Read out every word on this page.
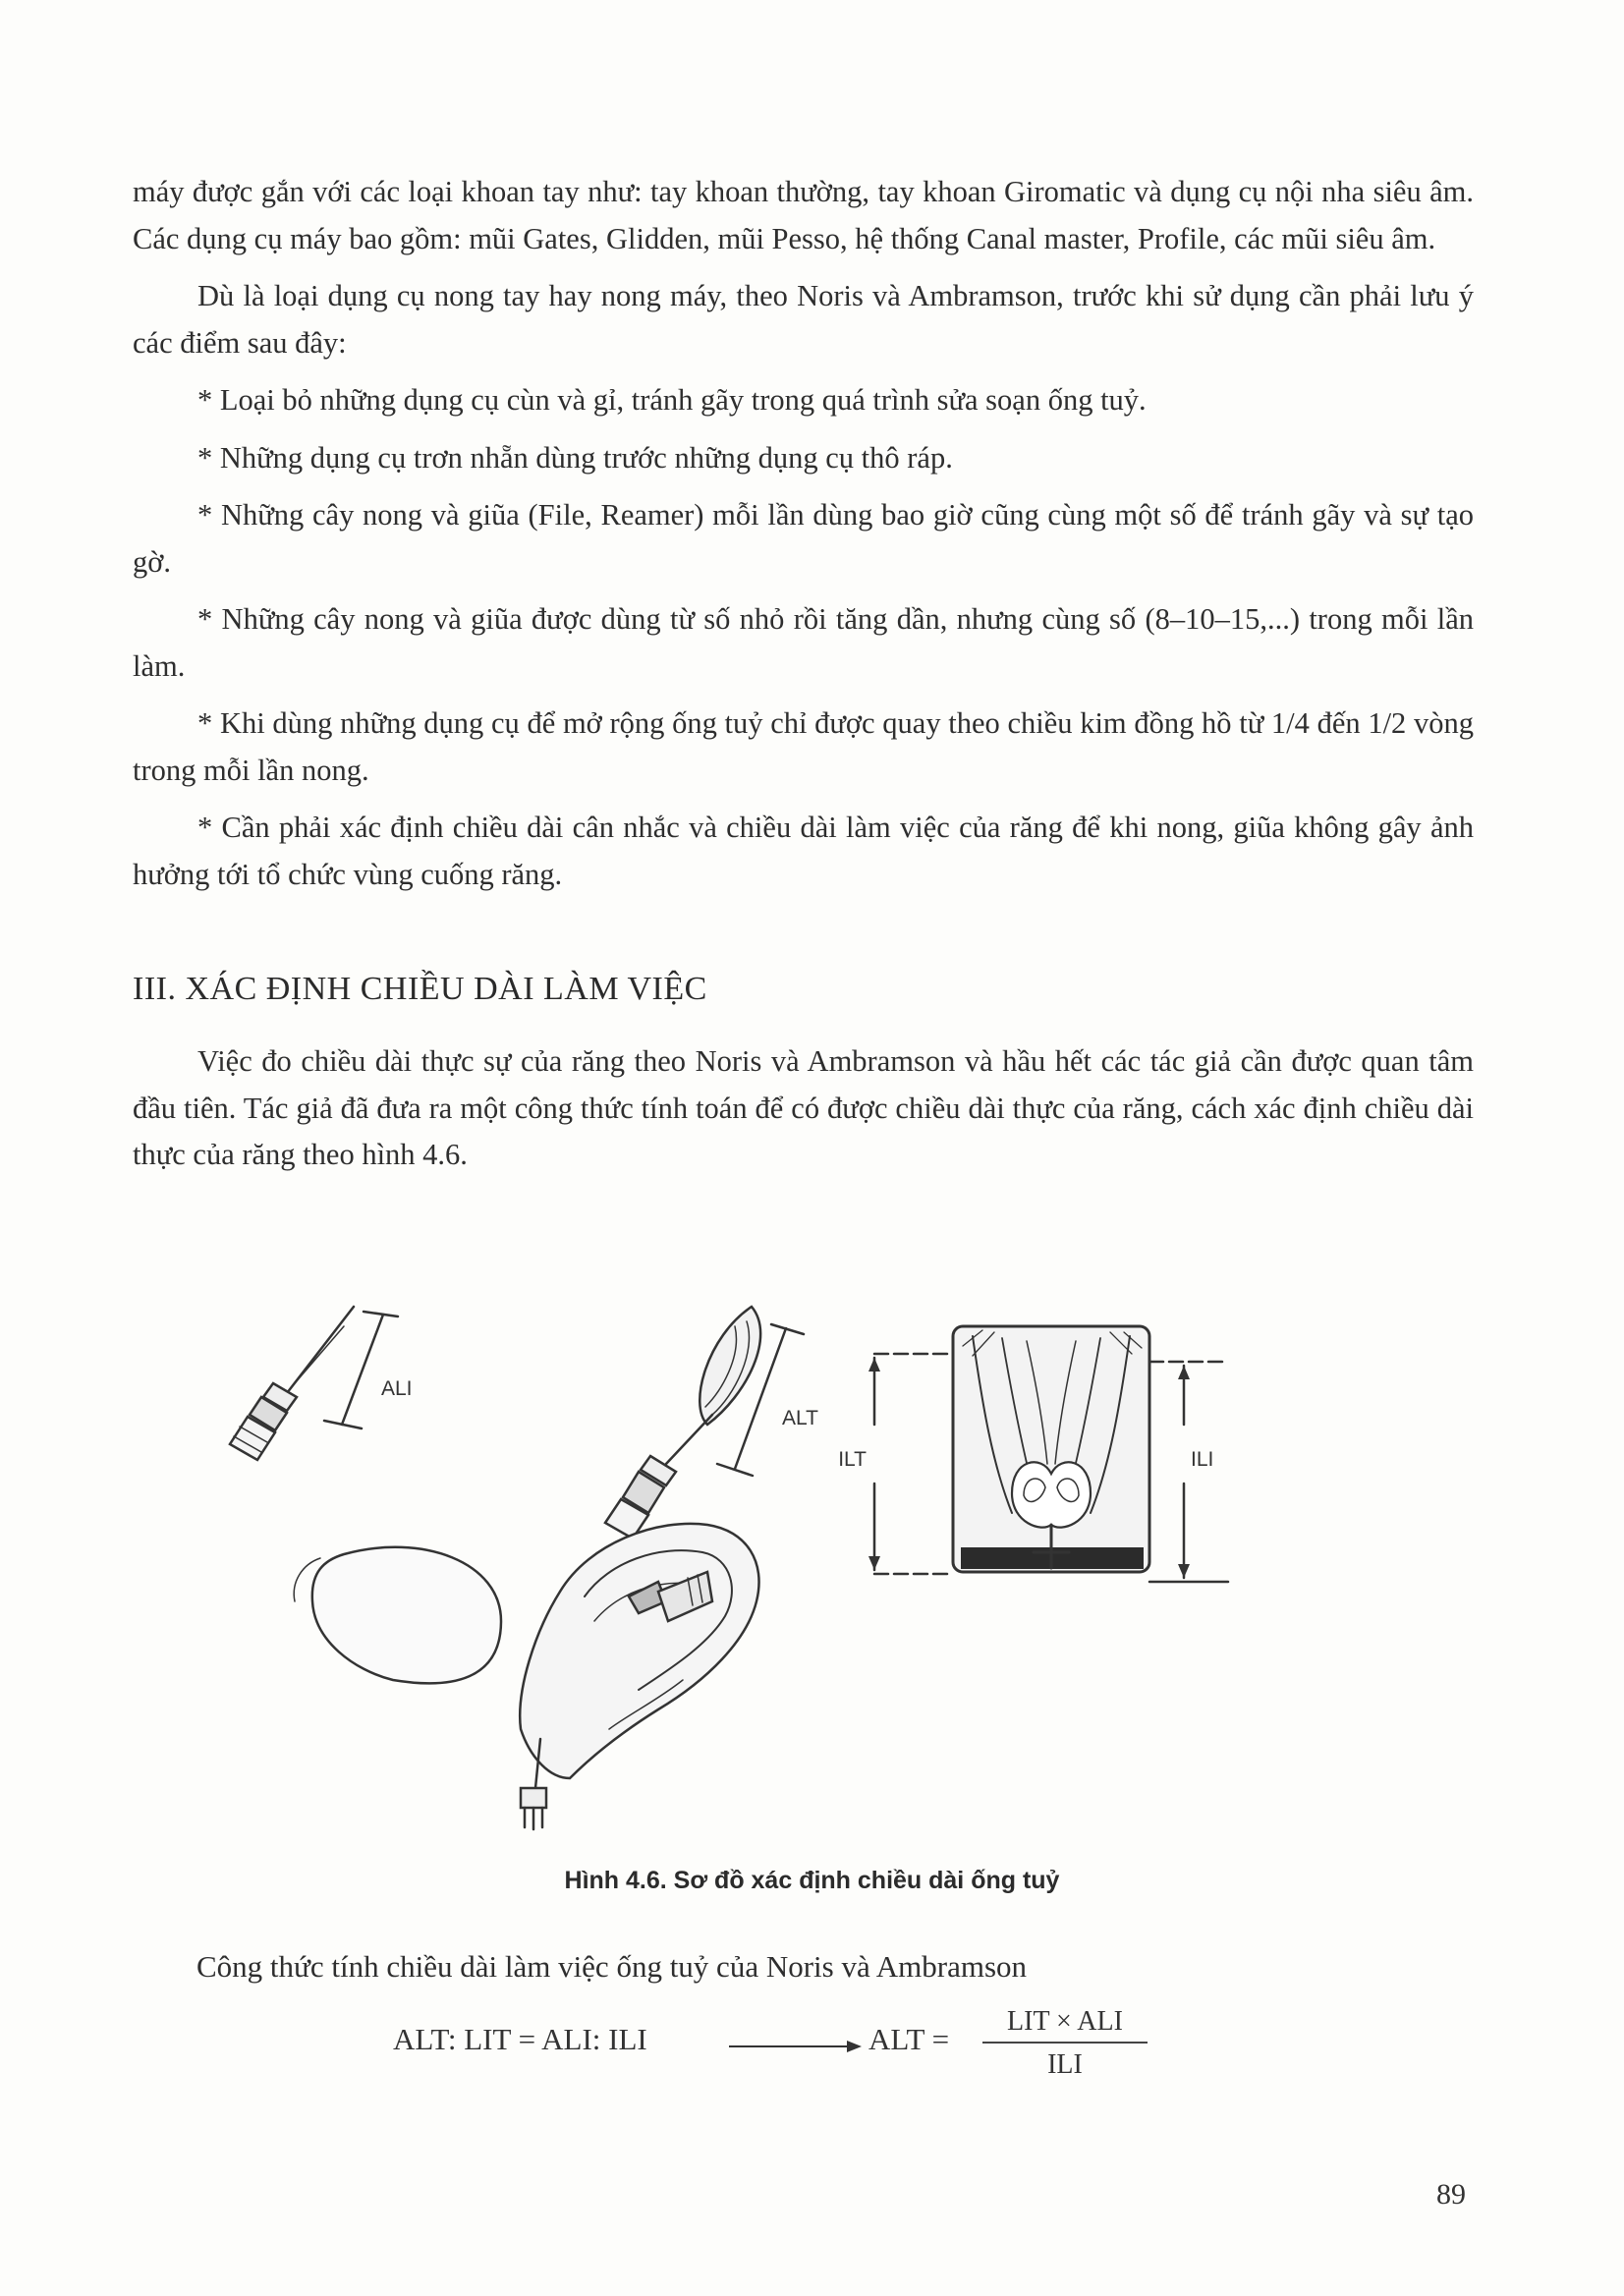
máy được gắn với các loại khoan tay như: tay khoan thường, tay khoan Giromatic và dụng cụ nội nha siêu âm. Các dụng cụ máy bao gồm: mũi Gates, Glidden, mũi Pesso, hệ thống Canal master, Profile, các mũi siêu âm.

Dù là loại dụng cụ nong tay hay nong máy, theo Noris và Ambramson, trước khi sử dụng cần phải lưu ý các điểm sau đây:

* Loại bỏ những dụng cụ cùn và gỉ, tránh gãy trong quá trình sửa soạn ống tuỷ.

* Những dụng cụ trơn nhẵn dùng trước những dụng cụ thô ráp.

* Những cây nong và giũa (File, Reamer) mỗi lần dùng bao giờ cũng cùng một số để tránh gãy và sự tạo gờ.

* Những cây nong và giũa được dùng từ số nhỏ rồi tăng dần, nhưng cùng số (8–10–15,...) trong mỗi lần làm.

* Khi dùng những dụng cụ để mở rộng ống tuỷ chỉ được quay theo chiều kim đồng hồ từ 1/4 đến 1/2 vòng trong mỗi lần nong.

* Cần phải xác định chiều dài cân nhắc và chiều dài làm việc của răng để khi nong, giũa không gây ảnh hưởng tới tổ chức vùng cuống răng.

III. XÁC ĐỊNH CHIỀU DÀI LÀM VIỆC

Việc đo chiều dài thực sự của răng theo Noris và Ambramson và hầu hết các tác giả cần được quan tâm đầu tiên. Tác giả đã đưa ra một công thức tính toán để có được chiều dài thực của răng, cách xác định chiều dài thực của răng theo hình 4.6.

ALI
ALT
ILT	ILI
Hình 4.6. Sơ đồ xác định chiều dài ống tuỷ
Công thức tính chiều dài làm việc ống tuỷ của Noris và Ambramson
ALT: LIT = ALI: ILI	ALT =
LIT × ALI
ILI
89
